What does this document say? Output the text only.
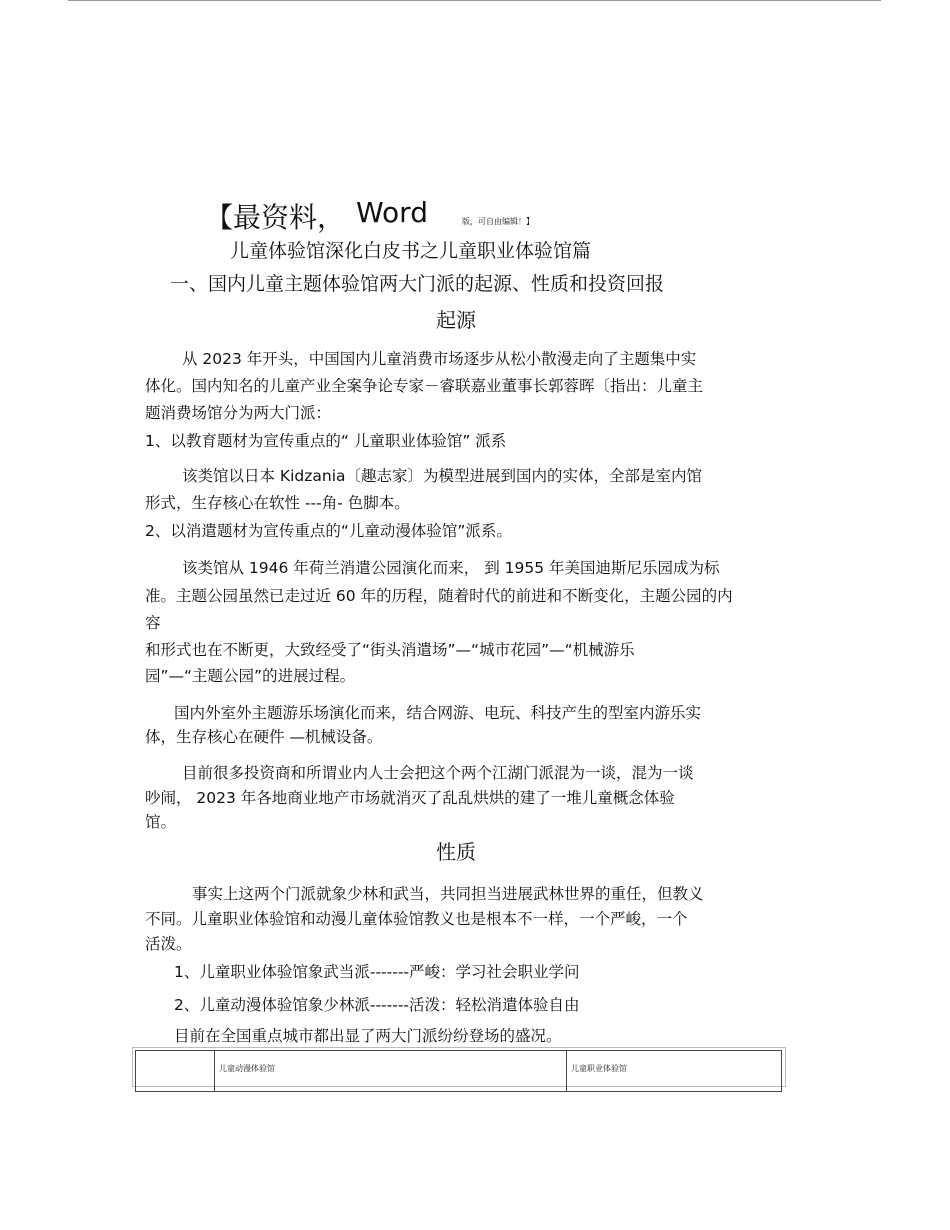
【最资料， Word	版，可自由编辑！】
儿童体验馆深化白皮书之儿童职业体验馆篇
一、国内儿童主题体验馆两大门派的起源、性质和投资回报
起源
从 2023 年开头，中国国内儿童消费市场逐步从松小散漫走向了主题集中实
体化。国内知名的儿童产业全案争论专家－睿联嘉业董事长郭蓉晖〔指出：儿童主
题消费场馆分为两大门派：
1、以教育题材为宣传重点的“ 儿童职业体验馆” 派系
该类馆以日本 Kidzania〔趣志家〕为模型进展到国内的实体，全部是室内馆
形式，生存核心在软性 ---角- 色脚本。
2、以消遣题材为宣传重点的“儿童动漫体验馆”派系。
该类馆从 1946 年荷兰消遣公园演化而来， 到 1955 年美国迪斯尼乐园成为标
准。主题公园虽然已走过近 60 年的历程，随着时代的前进和不断变化，主题公园的内
容
和形式也在不断更，大致经受了“街头消遣场”—“城市花园”—“机械游乐
园”—“主题公园”的进展过程。
国内外室外主题游乐场演化而来，结合网游、电玩、科技产生的型室内游乐实
体，生存核心在硬件 —机械设备。
目前很多投资商和所谓业内人士会把这个两个江湖门派混为一谈，混为一谈
吵闹， 2023 年各地商业地产市场就消灭了乱乱烘烘的建了一堆儿童概念体验
馆。
性质
事实上这两个门派就象少林和武当，共同担当进展武林世界的重任，但教义
不同。儿童职业体验馆和动漫儿童体验馆教义也是根本不一样，一个严峻，一个
活泼。
1、儿童职业体验馆象武当派-------严峻：学习社会职业学问
2、儿童动漫体验馆象少林派-------活泼：轻松消遣体验自由
目前在全国重点城市都出显了两大门派纷纷登场的盛况。
	儿童动漫体验馆	儿童职业体验馆
